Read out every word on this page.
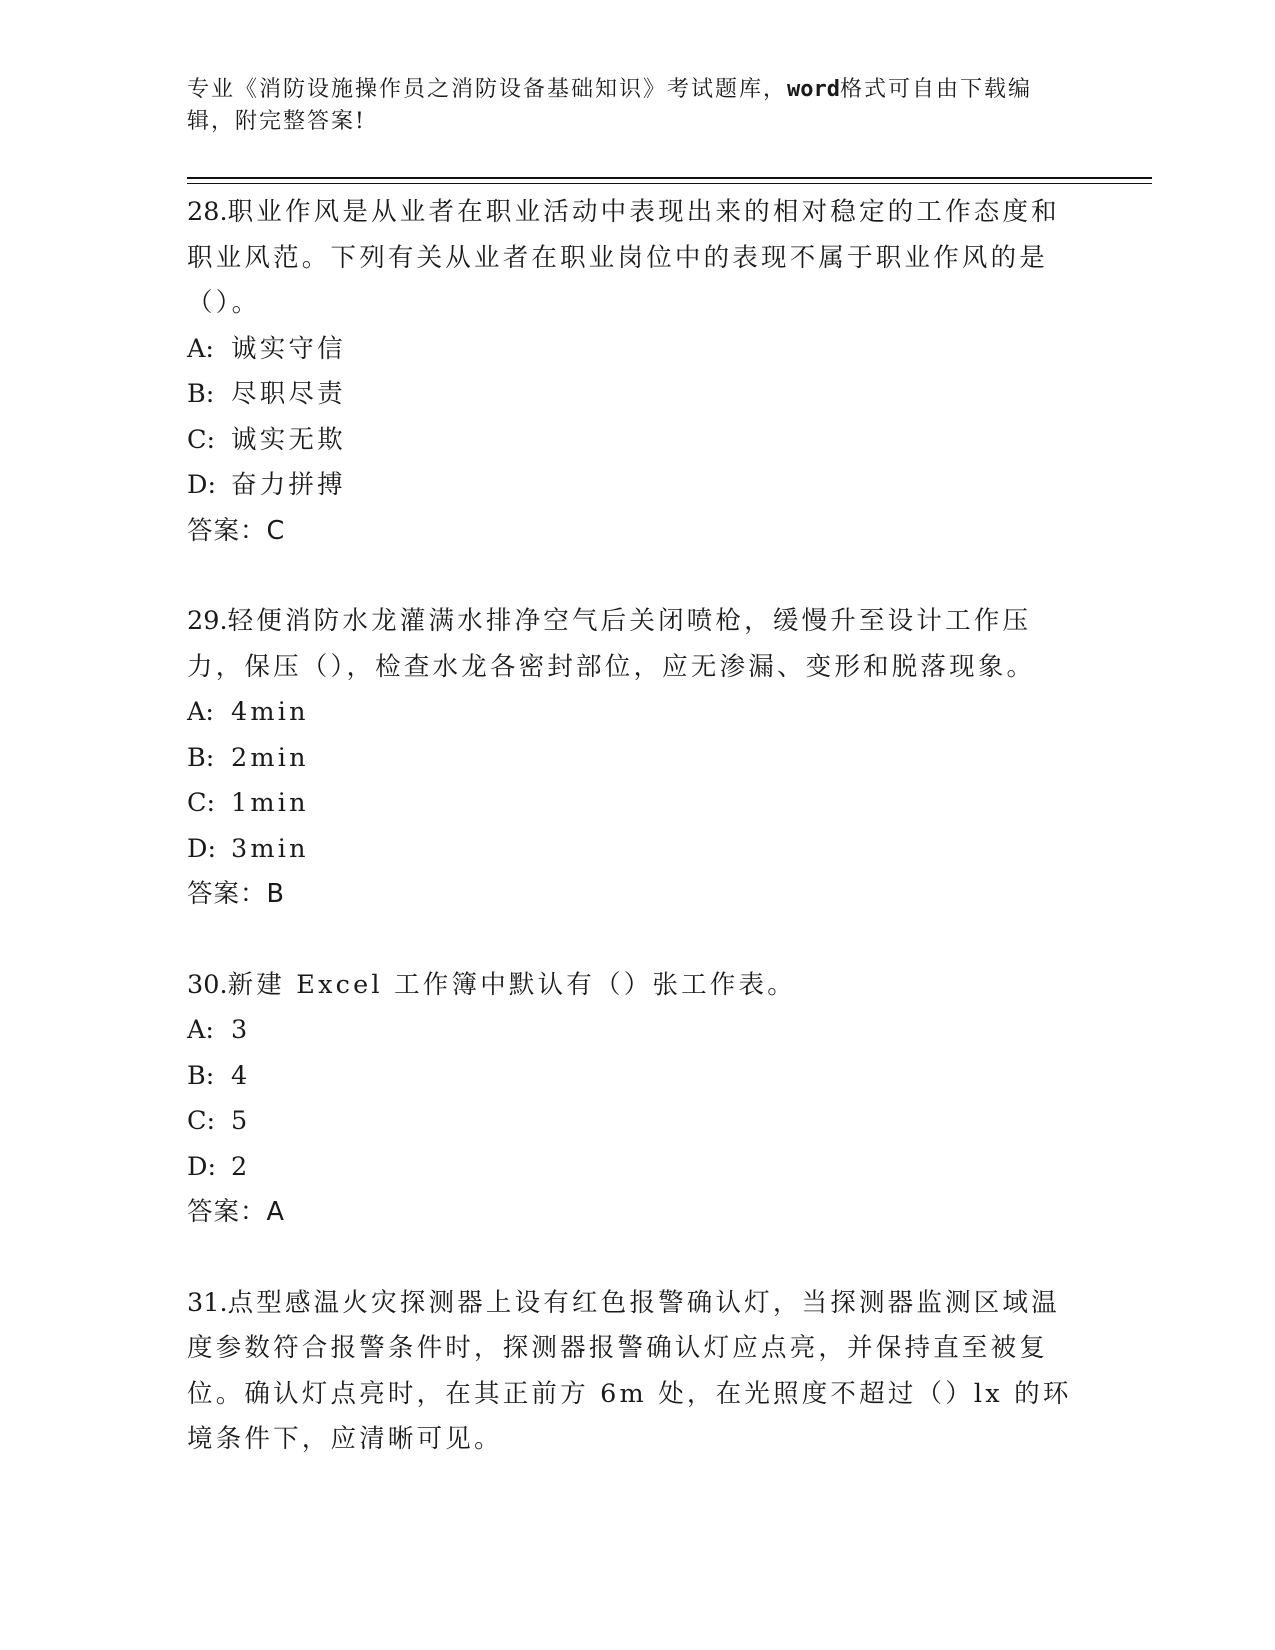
专业《消防设施操作员之消防设备基础知识》考试题库，word格式可自由下载编
辑，附完整答案!

28.职业作风是从业者在职业活动中表现出来的相对稳定的工作态度和职业风范。下列有关从业者在职业岗位中的表现不属于职业作风的是（）。

A: 诚实守信

B: 尽职尽责

C: 诚实无欺

D: 奋力拼搏

答案：C

29.轻便消防水龙灌满水排净空气后关闭喷枪，缓慢升至设计工作压力，保压（），检查水龙各密封部位，应无渗漏、变形和脱落现象。

A: 4min

B: 2min

C: 1min

D: 3min

答案：B

30.新建 Excel 工作簿中默认有（）张工作表。

A: 3

B: 4

C: 5

D: 2

答案：A

31.点型感温火灾探测器上设有红色报警确认灯，当探测器监测区域温度参数符合报警条件时，探测器报警确认灯应点亮，并保持直至被复位。确认灯点亮时，在其正前方 6m 处，在光照度不超过（）lx 的环境条件下，应清晰可见。
